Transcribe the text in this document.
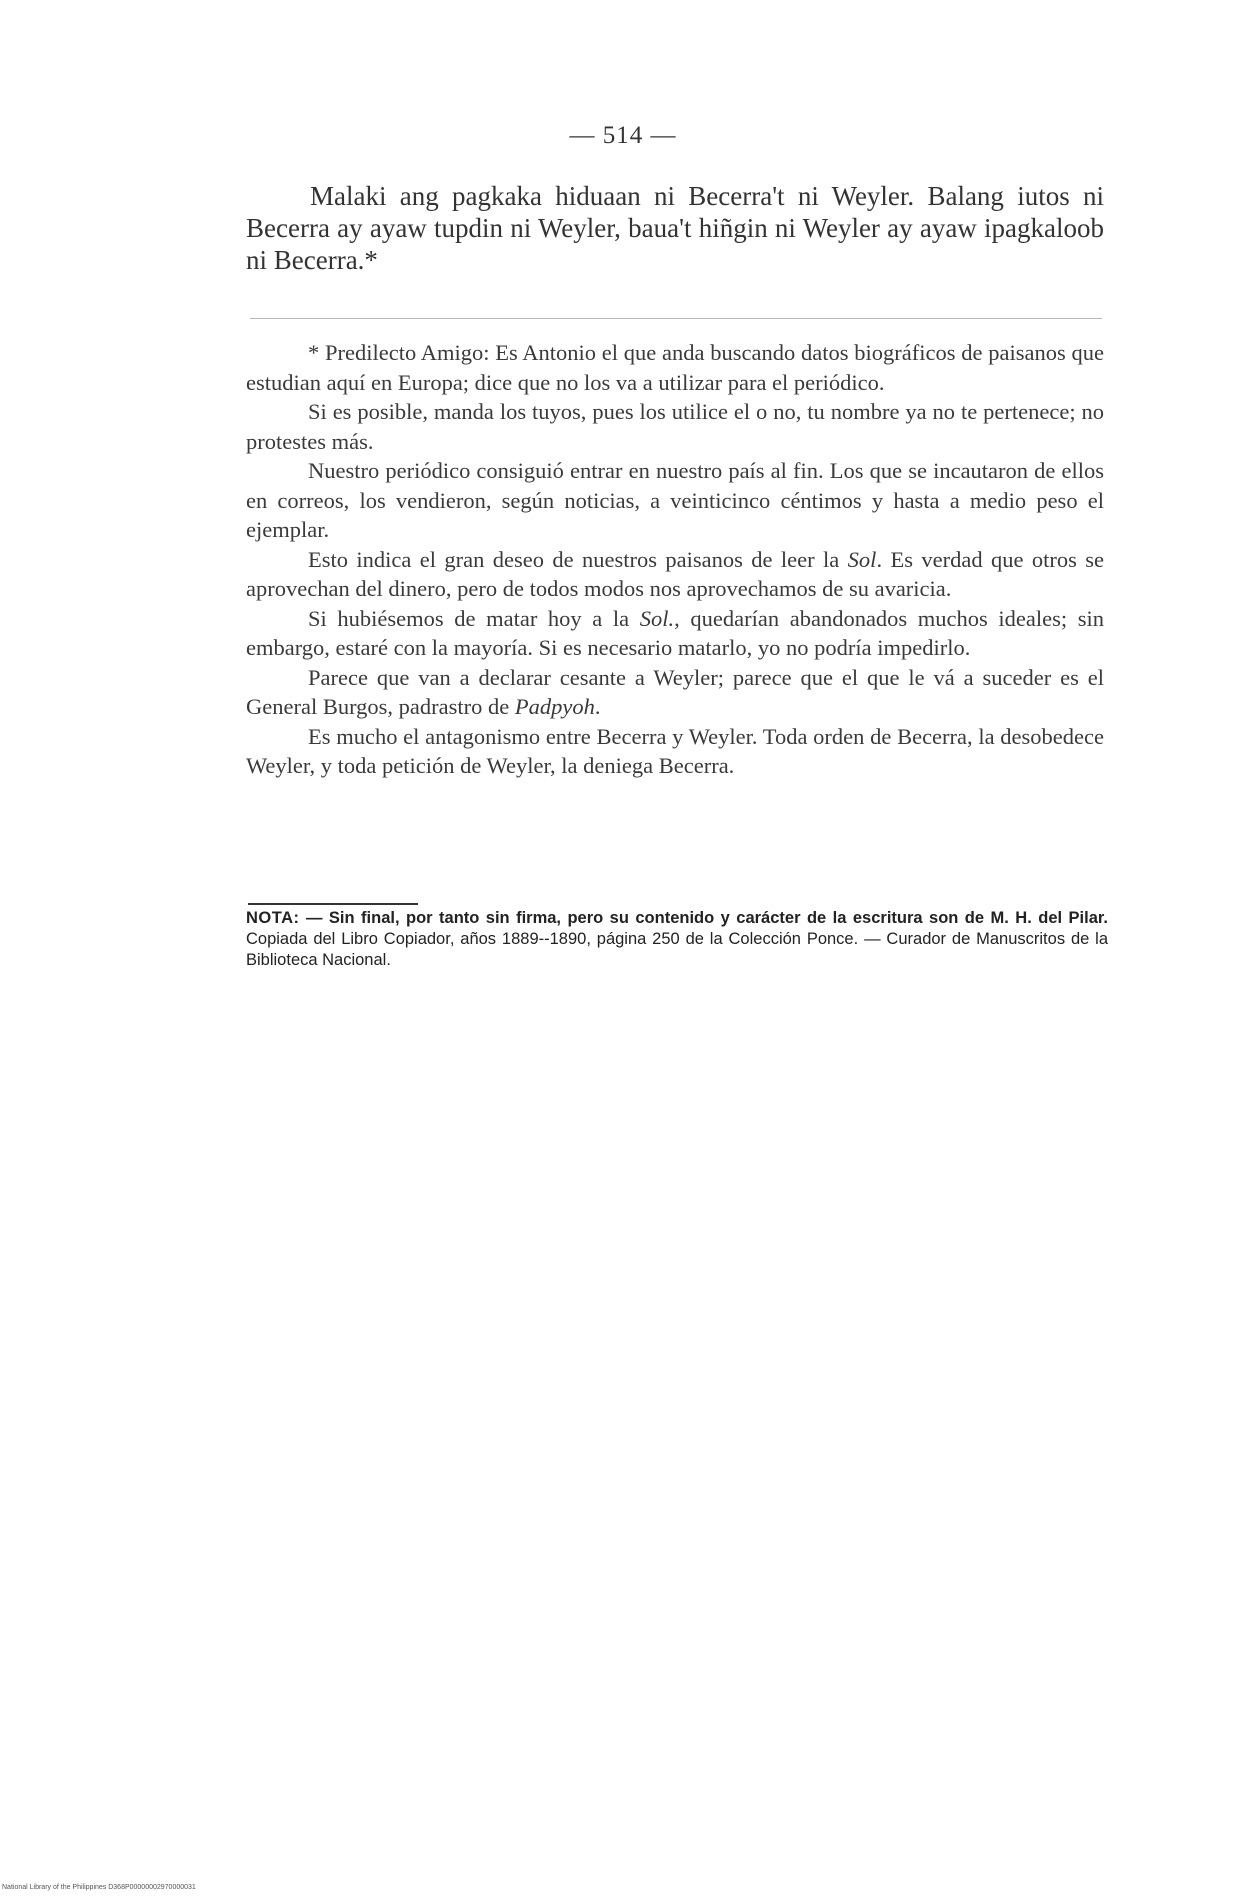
— 514 —
Malaki ang pagkaka hiduaan ni Becerra't ni Weyler. Balang iutos ni Becerra ay ayaw tupdin ni Weyler, baua't hiñgin ni Weyler ay ayaw ipagkaloob ni Becerra.*

* Predilecto Amigo: Es Antonio el que anda buscando datos biográficos de paisanos que estudian aquí en Europa; dice que no los va a utilizar para el periódico.

Si es posible, manda los tuyos, pues los utilice el o no, tu nombre ya no te pertenece; no protestes más.

Nuestro periódico consiguió entrar en nuestro país al fin. Los que se incautaron de ellos en correos, los vendieron, según noticias, a veinticinco céntimos y hasta a medio peso el ejemplar.

Esto indica el gran deseo de nuestros paisanos de leer la Sol. Es verdad que otros se aprovechan del dinero, pero de todos modos nos aprovechamos de su avaricia.

Si hubiésemos de matar hoy a la Sol., quedarían abandonados muchos ideales; sin embargo, estaré con la mayoría. Si es necesario matarlo, yo no podría impedirlo.

Parece que van a declarar cesante a Weyler; parece que el que le vá a suceder es el General Burgos, padrastro de Padpyoh.

Es mucho el antagonismo entre Becerra y Weyler. Toda orden de Becerra, la desobedece Weyler, y toda petición de Weyler, la deniega Becerra.

NOTA: — Sin final, por tanto sin firma, pero su contenido y carácter de la escritura son de M. H. del Pilar. Copiada del Libro Copiador, años 1889--1890, página 250 de la Colección Ponce. — Curador de Manuscritos de la Biblioteca Nacional.
National Library of the Philippines D368P00000002970000031
